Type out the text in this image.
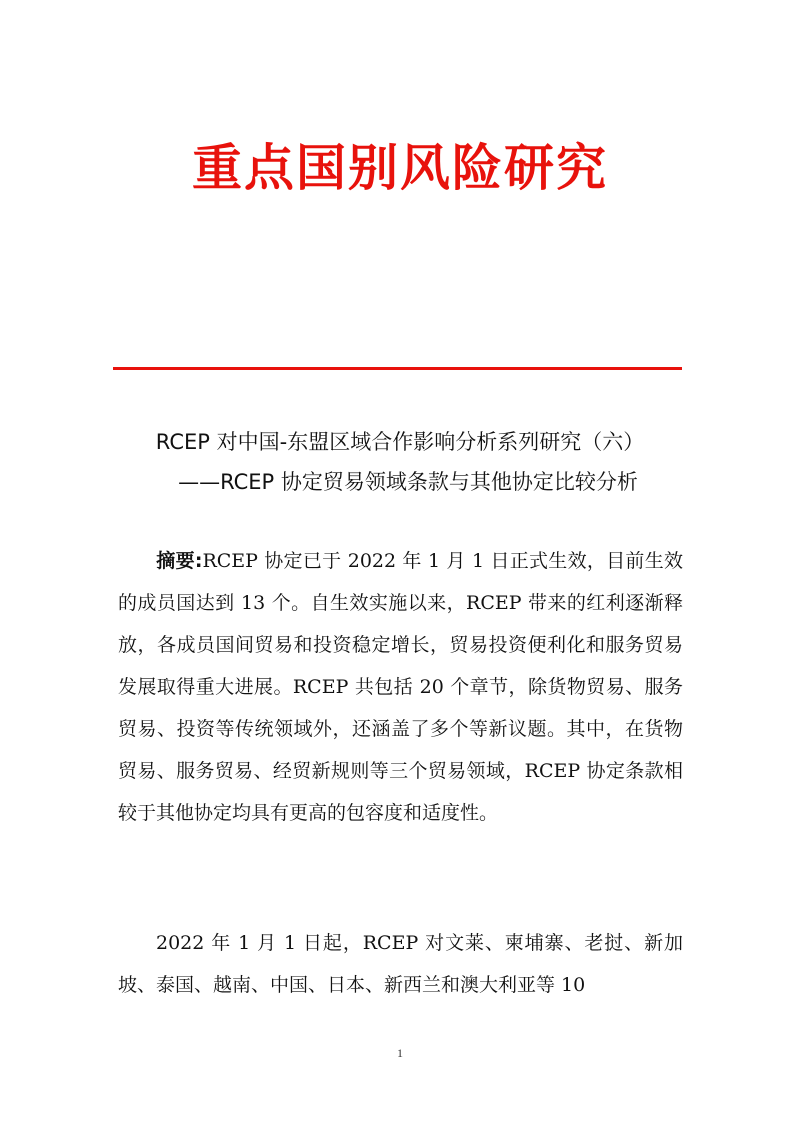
重点国别风险研究
RCEP 对中国-东盟区域合作影响分析系列研究（六）
——RCEP 协定贸易领域条款与其他协定比较分析
摘要:RCEP 协定已于 2022 年 1 月 1 日正式生效，目前生效的成员国达到 13 个。自生效实施以来，RCEP 带来的红利逐渐释放，各成员国间贸易和投资稳定增长，贸易投资便利化和服务贸易发展取得重大进展。RCEP 共包括 20 个章节，除货物贸易、服务贸易、投资等传统领域外，还涵盖了多个等新议题。其中，在货物贸易、服务贸易、经贸新规则等三个贸易领域，RCEP 协定条款相较于其他协定均具有更高的包容度和适度性。
2022 年 1 月 1 日起，RCEP 对文莱、柬埔寨、老挝、新加坡、泰国、越南、中国、日本、新西兰和澳大利亚等 10
1
